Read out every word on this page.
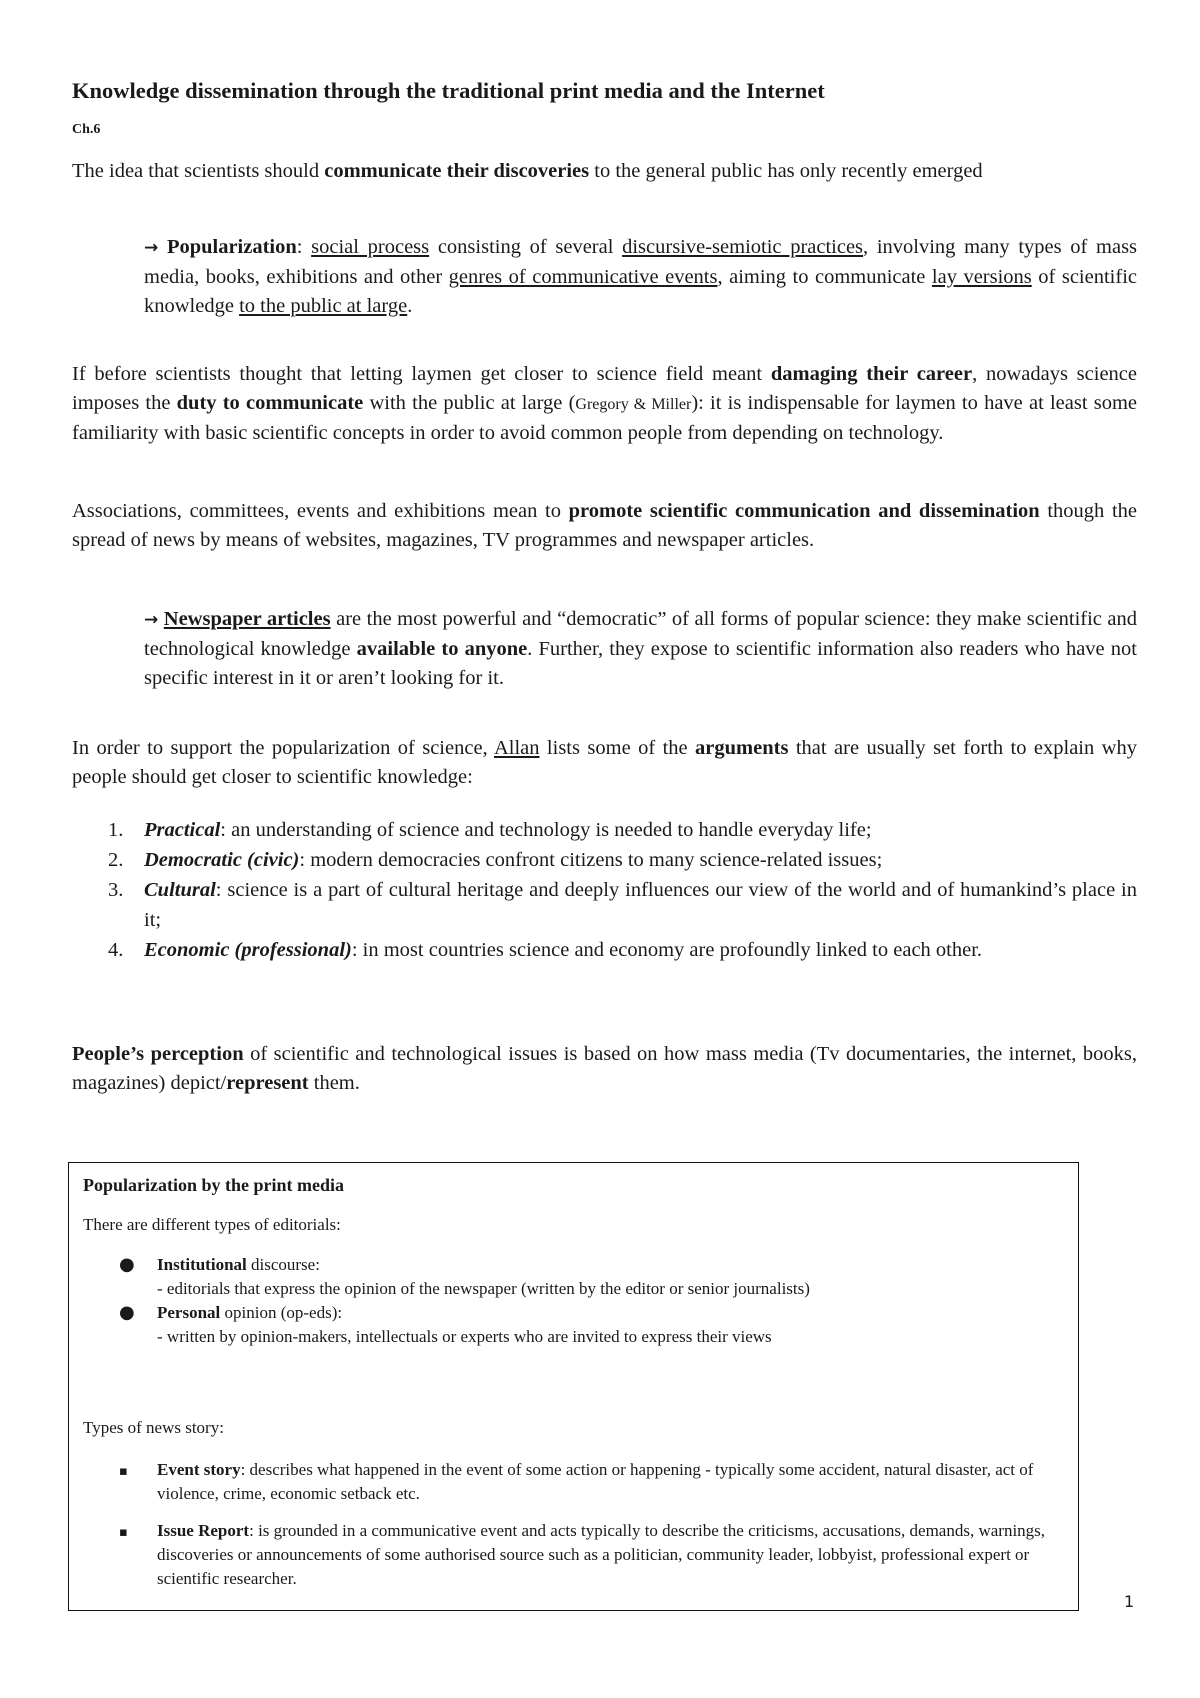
Knowledge dissemination through the traditional print media and the Internet
Ch.6

The idea that scientists should communicate their discoveries to the general public has only recently emerged

→ Popularization: social process consisting of several discursive-semiotic practices, involving many types of mass media, books, exhibitions and other genres of communicative events, aiming to communicate lay versions of scientific knowledge to the public at large.

If before scientists thought that letting laymen get closer to science field meant damaging their career, nowadays science imposes the duty to communicate with the public at large (Gregory & Miller): it is indispensable for laymen to have at least some familiarity with basic scientific concepts in order to avoid common people from depending on technology.

Associations, committees, events and exhibitions mean to promote scientific communication and dissemination though the spread of news by means of websites, magazines, TV programmes and newspaper articles.

→ Newspaper articles are the most powerful and “democratic” of all forms of popular science: they make scientific and technological knowledge available to anyone. Further, they expose to scientific information also readers who have not specific interest in it or aren’t looking for it.

In order to support the popularization of science, Allan lists some of the arguments that are usually set forth to explain why people should get closer to scientific knowledge:

1. Practical: an understanding of science and technology is needed to handle everyday life;
2. Democratic (civic): modern democracies confront citizens to many science-related issues;
3. Cultural: science is a part of cultural heritage and deeply influences our view of the world and of humankind’s place in it;
4. Economic (professional): in most countries science and economy are profoundly linked to each other.

People’s perception of scientific and technological issues is based on how mass media (Tv documentaries, the internet, books, magazines) depict/represent them.

Popularization by the print media
There are different types of editorials:
● Institutional discourse:
- editorials that express the opinion of the newspaper (written by the editor or senior journalists)
● Personal opinion (op-eds):
- written by opinion-makers, intellectuals or experts who are invited to express their views
Types of news story:
▪ Event story: describes what happened in the event of some action or happening - typically some accident, natural disaster, act of violence, crime, economic setback etc.
▪ Issue Report: is grounded in a communicative event and acts typically to describe the criticisms, accusations, demands, warnings, discoveries or announcements of some authorised source such as a politician, community leader, lobbyist, professional expert or scientific researcher.
1
